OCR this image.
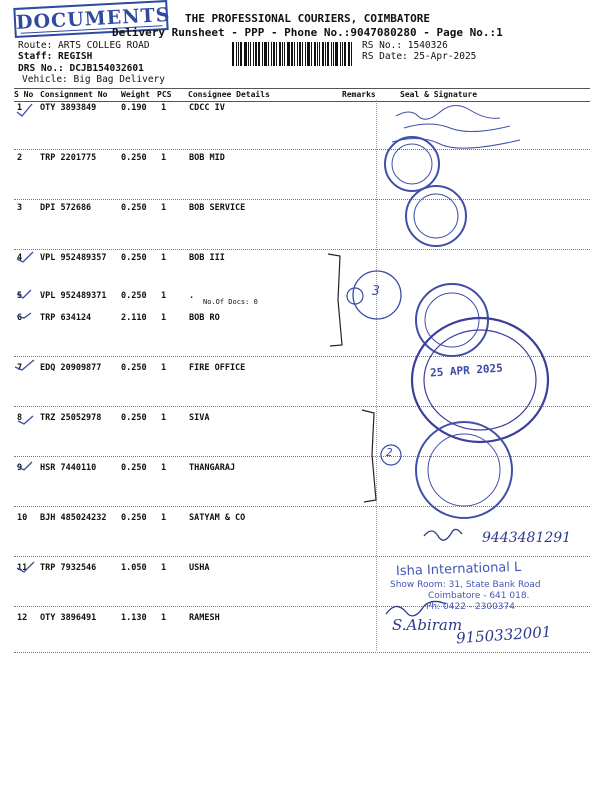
DOCUMENTS THE PROFESSIONAL COURIERS, COIMBATORE
Delivery Runsheet - PPP - Phone No.:9047080280 - Page No.:1
Route: ARTS COLLEG ROAD
Staff: REGISH
DRS No.: DCJB154032601
Vehicle: Big Bag Delivery
RS No.: 1540326
RS Date: 25-Apr-2025
S No Consignment No Weight PCS Consignee Details	Remarks	Seal & Signature
1 OTY 3893849	0.190 1	CDCC IV
2 TRP 2201775	0.250 1	BOB MID
3 DPI 572686	0.250 1	BOB SERVICE
4 VPL 952489357 0.250 1	BOB III
5 VPL 952489371 0.250 1	.
6 TRP 634124	2.110 1	BOB RO
7 EDQ 20909877 0.250 1	FIRE OFFICE
8 TRZ 25052978 0.250 1	SIVA
9 HSR 7440110	0.250 1	THANGARAJ
10 BJH 485024232 0.250 1	SATYAM & CO
11 TRP 7932546	1.050 1	USHA
12 OTY 3896491	1.130 1	RAMESH
No.Of Docs: 0
3
2
25 APR 2025
9443481291
S.Abiram
9150332001
Isha International L
Show Room: 31, State Bank Road
Coimbatore - 641 018.
Ph: 0422 - 2300374
